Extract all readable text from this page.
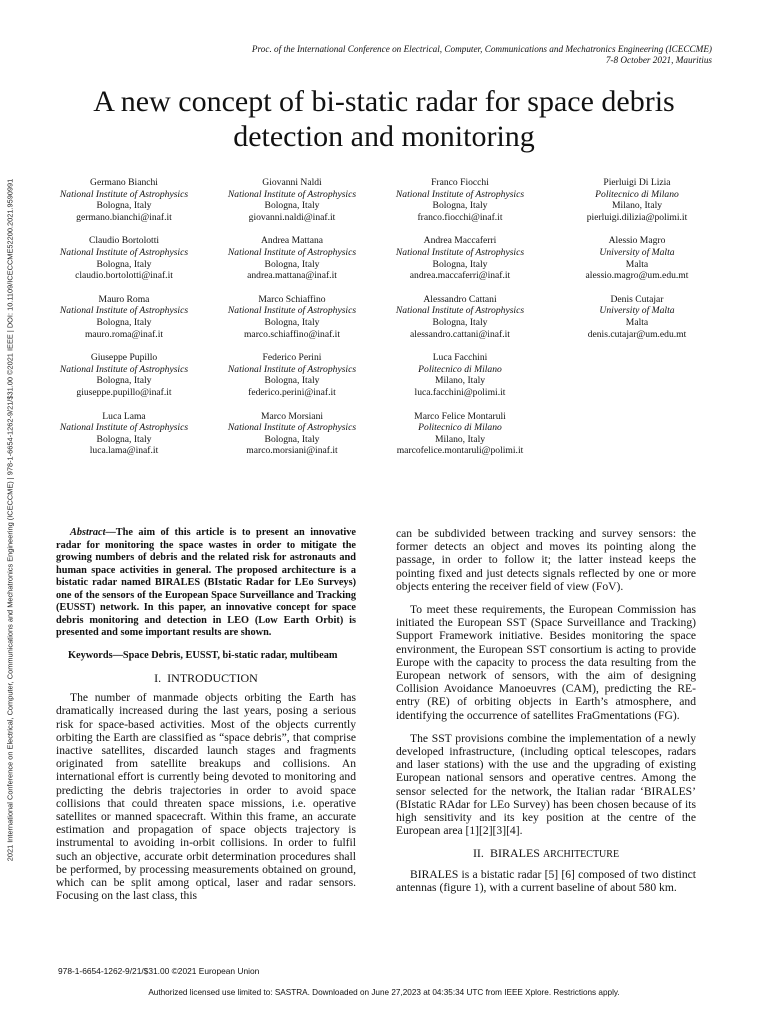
2021 International Conference on Electrical, Computer, Communications and Mechatronics Engineering (ICECCME) | 978-1-6654-1262-9/21/$31.00 ©2021 IEEE | DOI: 10.1109/ICECCME52200.2021.9590991
Proc. of the International Conference on Electrical, Computer, Communications and Mechatronics Engineering (ICECCME)
7-8 October 2021, Mauritius
A new concept of bi-static radar for space debris detection and monitoring
Germano Bianchi
National Institute of Astrophysics
Bologna, Italy
germano.bianchi@inaf.it
Giovanni Naldi
National Institute of Astrophysics
Bologna, Italy
giovanni.naldi@inaf.it
Franco Fiocchi
National Institute of Astrophysics
Bologna, Italy
franco.fiocchi@inaf.it
Pierluigi Di Lizia
Politecnico di Milano
Milano, Italy
pierluigi.dilizia@polimi.it
Claudio Bortolotti
National Institute of Astrophysics
Bologna, Italy
claudio.bortolotti@inaf.it
Andrea Mattana
National Institute of Astrophysics
Bologna, Italy
andrea.mattana@inaf.it
Andrea Maccaferri
National Institute of Astrophysics
Bologna, Italy
andrea.maccaferri@inaf.it
Alessio Magro
University of Malta
Malta
alessio.magro@um.edu.mt
Mauro Roma
National Institute of Astrophysics
Bologna, Italy
mauro.roma@inaf.it
Marco Schiaffino
National Institute of Astrophysics
Bologna, Italy
marco.schiaffino@inaf.it
Alessandro Cattani
National Institute of Astrophysics
Bologna, Italy
alessandro.cattani@inaf.it
Denis Cutajar
University of Malta
Malta
denis.cutajar@um.edu.mt
Giuseppe Pupillo
National Institute of Astrophysics
Bologna, Italy
giuseppe.pupillo@inaf.it
Federico Perini
National Institute of Astrophysics
Bologna, Italy
federico.perini@inaf.it
Luca Facchini
Politecnico di Milano
Milano, Italy
luca.facchini@polimi.it
Luca Lama
National Institute of Astrophysics
Bologna, Italy
luca.lama@inaf.it
Marco Morsiani
National Institute of Astrophysics
Bologna, Italy
marco.morsiani@inaf.it
Marco Felice Montaruli
Politecnico di Milano
Milano, Italy
marcofelice.montaruli@polimi.it

Abstract—The aim of this article is to present an innovative radar for monitoring the space wastes in order to mitigate the growing numbers of debris and the related risk for astronauts and human space activities in general. The proposed architecture is a bistatic radar named BIRALES (BIstatic Radar for LEo Surveys) one of the sensors of the European Space Surveillance and Tracking (EUSST) network. In this paper, an innovative concept for space debris monitoring and detection in LEO (Low Earth Orbit) is presented and some important results are shown.

Keywords—Space Debris, EUSST, bi-static radar, multibeam

I. INTRODUCTION

The number of manmade objects orbiting the Earth has dramatically increased during the last years, posing a serious risk for space-based activities. Most of the objects currently orbiting the Earth are classified as “space debris”, that comprise inactive satellites, discarded launch stages and fragments originated from satellite breakups and collisions. An international effort is currently being devoted to monitoring and predicting the debris trajectories in order to avoid space collisions that could threaten space missions, i.e. operative satellites or manned spacecraft. Within this frame, an accurate estimation and propagation of space objects trajectory is instrumental to avoiding in-orbit collisions. In order to fulfil such an objective, accurate orbit determination procedures shall be performed, by processing measurements obtained on ground, which can be split among optical, laser and radar sensors. Focusing on the last class, this

can be subdivided between tracking and survey sensors: the former detects an object and moves its pointing along the passage, in order to follow it; the latter instead keeps the pointing fixed and just detects signals reflected by one or more objects entering the receiver field of view (FoV).

To meet these requirements, the European Commission has initiated the European SST (Space Surveillance and Tracking) Support Framework initiative. Besides monitoring the space environment, the European SST consortium is acting to provide Europe with the capacity to process the data resulting from the European network of sensors, with the aim of designing Collision Avoidance Manoeuvres (CAM), predicting the RE-entry (RE) of orbiting objects in Earth’s atmosphere, and identifying the occurrence of satellites FraGmentations (FG).

The SST provisions combine the implementation of a newly developed infrastructure, (including optical telescopes, radars and laser stations) with the use and the upgrading of existing European national sensors and operative centres. Among the sensor selected for the network, the Italian radar ‘BIRALES’ (BIstatic RAdar for LEo Survey) has been chosen because of its high sensitivity and its key position at the centre of the European area [1][2][3][4].

II. BIRALES ARCHITECTURE

BIRALES is a bistatic radar [5] [6] composed of two distinct antennas (figure 1), with a current baseline of about 580 km.

978-1-6654-1262-9/21/$31.00 ©2021 European Union
Authorized licensed use limited to: SASTRA. Downloaded on June 27,2023 at 04:35:34 UTC from IEEE Xplore. Restrictions apply.
